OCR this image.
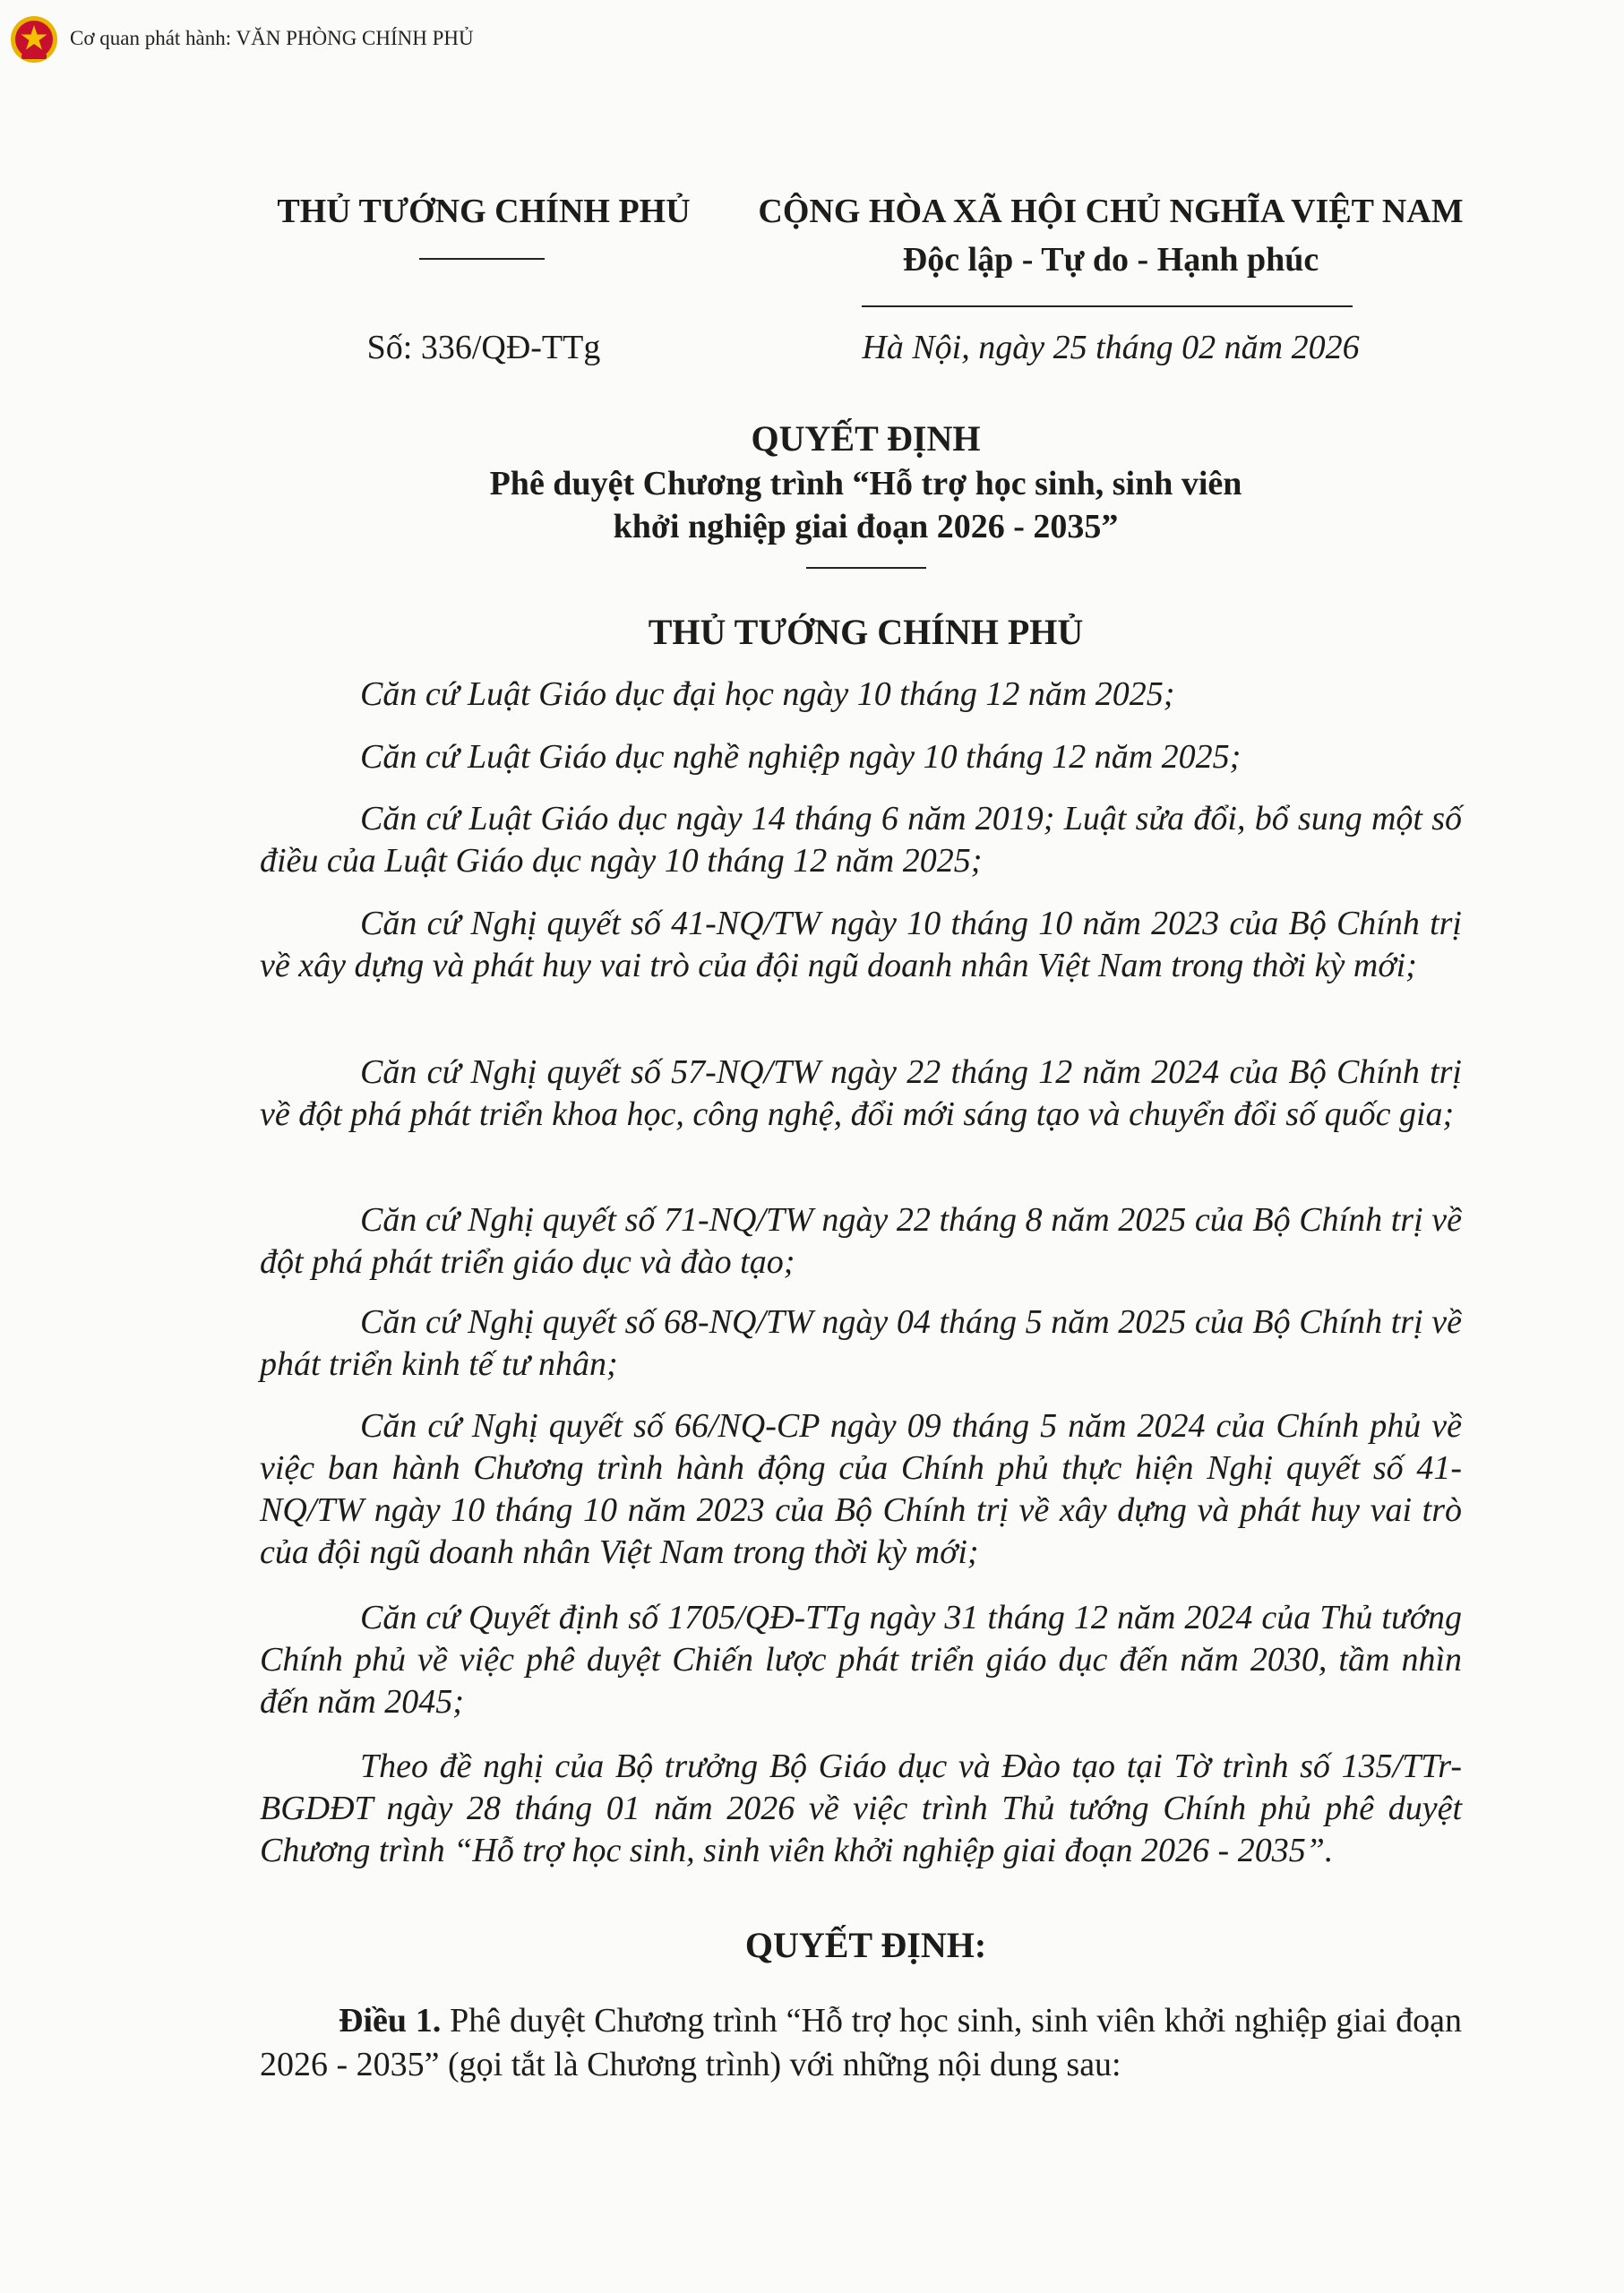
Cơ quan phát hành: VĂN PHÒNG CHÍNH PHỦ
THỦ TƯỚNG CHÍNH PHỦ	CỘNG HÒA XÃ HỘI CHỦ NGHĨA VIỆT NAM
Độc lập - Tự do - Hạnh phúc
Số: 336/QĐ-TTg	Hà Nội, ngày 25 tháng 02 năm 2026
QUYẾT ĐỊNH
Phê duyệt Chương trình “Hỗ trợ học sinh, sinh viên
khởi nghiệp giai đoạn 2026 - 2035”
THỦ TƯỚNG CHÍNH PHỦ
Căn cứ Luật Giáo dục đại học ngày 10 tháng 12 năm 2025;
Căn cứ Luật Giáo dục nghề nghiệp ngày 10 tháng 12 năm 2025;
Căn cứ Luật Giáo dục ngày 14 tháng 6 năm 2019; Luật sửa đổi, bổ sung một số điều của Luật Giáo dục ngày 10 tháng 12 năm 2025;
Căn cứ Nghị quyết số 41-NQ/TW ngày 10 tháng 10 năm 2023 của Bộ Chính trị về xây dựng và phát huy vai trò của đội ngũ doanh nhân Việt Nam trong thời kỳ mới;
Căn cứ Nghị quyết số 57-NQ/TW ngày 22 tháng 12 năm 2024 của Bộ Chính trị về đột phá phát triển khoa học, công nghệ, đổi mới sáng tạo và chuyển đổi số quốc gia;
Căn cứ Nghị quyết số 71-NQ/TW ngày 22 tháng 8 năm 2025 của Bộ Chính trị về đột phá phát triển giáo dục và đào tạo;
Căn cứ Nghị quyết số 68-NQ/TW ngày 04 tháng 5 năm 2025 của Bộ Chính trị về phát triển kinh tế tư nhân;
Căn cứ Nghị quyết số 66/NQ-CP ngày 09 tháng 5 năm 2024 của Chính phủ về việc ban hành Chương trình hành động của Chính phủ thực hiện Nghị quyết số 41-NQ/TW ngày 10 tháng 10 năm 2023 của Bộ Chính trị về xây dựng và phát huy vai trò của đội ngũ doanh nhân Việt Nam trong thời kỳ mới;
Căn cứ Quyết định số 1705/QĐ-TTg ngày 31 tháng 12 năm 2024 của Thủ tướng Chính phủ về việc phê duyệt Chiến lược phát triển giáo dục đến năm 2030, tầm nhìn đến năm 2045;
Theo đề nghị của Bộ trưởng Bộ Giáo dục và Đào tạo tại Tờ trình số 135/TTr-BGDĐT ngày 28 tháng 01 năm 2026 về việc trình Thủ tướng Chính phủ phê duyệt Chương trình “Hỗ trợ học sinh, sinh viên khởi nghiệp giai đoạn 2026 - 2035”.
QUYẾT ĐỊNH:
Điều 1. Phê duyệt Chương trình “Hỗ trợ học sinh, sinh viên khởi nghiệp giai đoạn 2026 - 2035” (gọi tắt là Chương trình) với những nội dung sau:
